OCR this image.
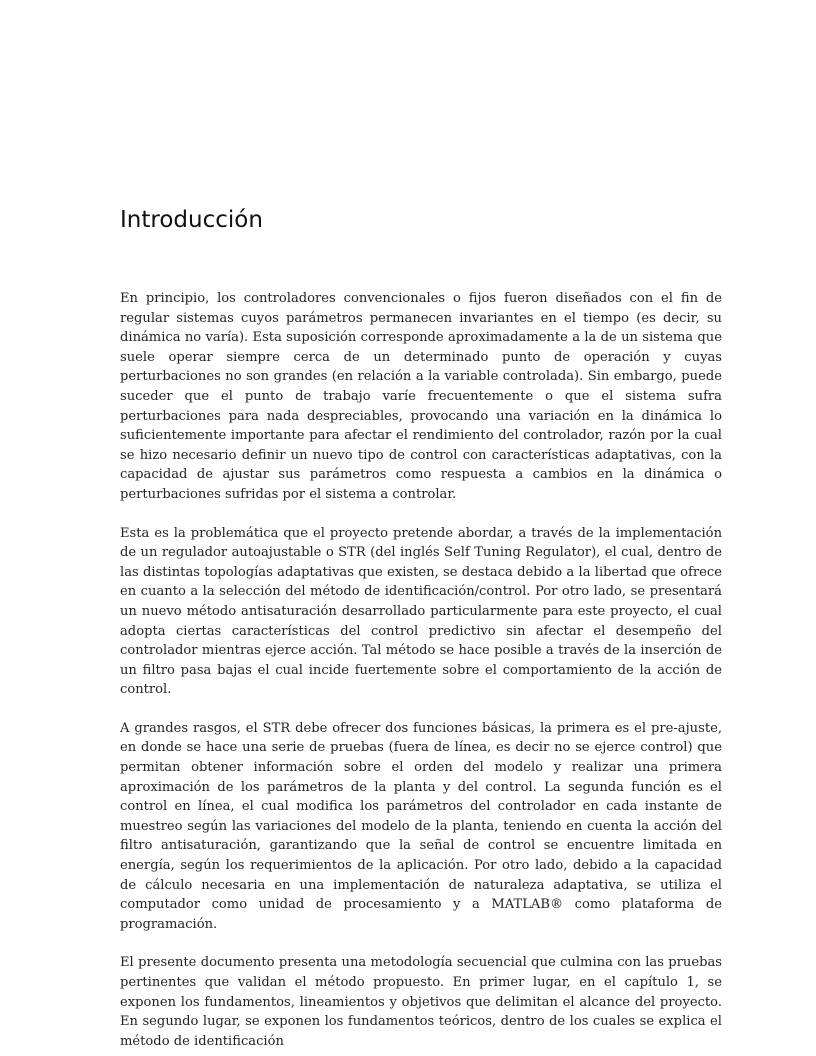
Introducción

En principio, los controladores convencionales o fijos fueron diseñados con el fin de regular sistemas cuyos parámetros permanecen invariantes en el tiempo (es decir, su dinámica no varía). Esta suposición corresponde aproximadamente a la de un sistema que suele operar siempre cerca de un determinado punto de operación y cuyas perturbaciones no son grandes (en relación a la variable controlada). Sin embargo, puede suceder que el punto de trabajo varíe frecuentemente o que el sistema sufra perturbaciones para nada despreciables, provocando una variación en la dinámica lo suficientemente importante para afectar el rendimiento del controlador, razón por la cual se hizo necesario definir un nuevo tipo de control con características adaptativas, con la capacidad de ajustar sus parámetros como respuesta a cambios en la dinámica o perturbaciones sufridas por el sistema a controlar.

Esta es la problemática que el proyecto pretende abordar, a través de la implementación de un regulador autoajustable o STR (del inglés Self Tuning Regulator), el cual, dentro de las distintas topologías adaptativas que existen, se destaca debido a la libertad que ofrece en cuanto a la selección del método de identificación/control. Por otro lado, se presentará un nuevo método antisaturación desarrollado particularmente para este proyecto, el cual adopta ciertas características del control predictivo sin afectar el desempeño del controlador mientras ejerce acción. Tal método se hace posible a través de la inserción de un filtro pasa bajas el cual incide fuertemente sobre el comportamiento de la acción de control.

A grandes rasgos, el STR debe ofrecer dos funciones básicas, la primera es el pre-ajuste, en donde se hace una serie de pruebas (fuera de línea, es decir no se ejerce control) que permitan obtener información sobre el orden del modelo y realizar una primera aproximación de los parámetros de la planta y del control. La segunda función es el control en línea, el cual modifica los parámetros del controlador en cada instante de muestreo según las variaciones del modelo de la planta, teniendo en cuenta la acción del filtro antisaturación, garantizando que la señal de control se encuentre limitada en energía, según los requerimientos de la aplicación. Por otro lado, debido a la capacidad de cálculo necesaria en una implementación de naturaleza adaptativa, se utiliza el computador como unidad de procesamiento y a MATLAB® como plataforma de programación.

El presente documento presenta una metodología secuencial que culmina con las pruebas pertinentes que validan el método propuesto. En primer lugar, en el capítulo 1, se exponen los fundamentos, lineamientos y objetivos que delimitan el alcance del proyecto. En segundo lugar, se exponen los fundamentos teóricos, dentro de los cuales se explica el método de identificación
